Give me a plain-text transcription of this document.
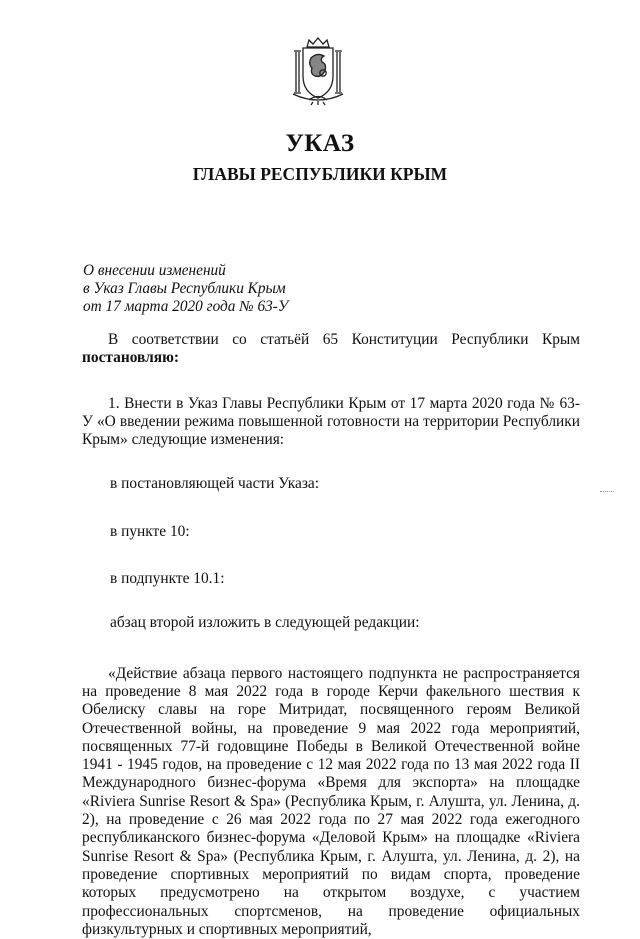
УКАЗ
ГЛАВЫ РЕСПУБЛИКИ КРЫМ
О внесении изменений
в Указ Главы Республики Крым
от 17 марта 2020 года № 63-У

В соответствии со статьёй 65 Конституции Республики Крым постановляю:

1. Внести в Указ Главы Республики Крым от 17 марта 2020 года № 63-У «О введении режима повышенной готовности на территории Республики Крым» следующие изменения:

в постановляющей части Указа:

в пункте 10:

в подпункте 10.1:

абзац второй изложить в следующей редакции:

«Действие абзаца первого настоящего подпункта не распространяется на проведение 8 мая 2022 года в городе Керчи факельного шествия к Обелиску славы на горе Митридат, посвященного героям Великой Отечественной войны, на проведение 9 мая 2022 года мероприятий, посвященных 77-й годовщине Победы в Великой Отечественной войне 1941 - 1945 годов, на проведение с 12 мая 2022 года по 13 мая 2022 года II Международного бизнес-форума «Время для экспорта» на площадке «Riviera Sunrise Resort & Spa» (Республика Крым, г. Алушта, ул. Ленина, д. 2), на проведение с 26 мая 2022 года по 27 мая 2022 года ежегодного республиканского бизнес-форума «Деловой Крым» на площадке «Riviera Sunrise Resort & Spa» (Республика Крым, г. Алушта, ул. Ленина, д. 2), на проведение спортивных мероприятий по видам спорта, проведение которых предусмотрено на открытом воздухе, с участием профессиональных спортсменов, на проведение официальных физкультурных и спортивных мероприятий,
